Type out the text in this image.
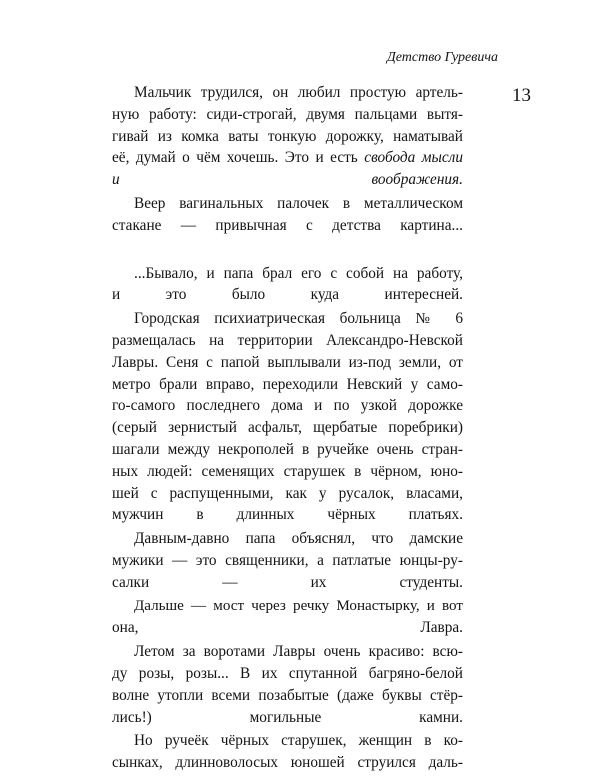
Детство Гуревича
13

Мальчик трудился, он любил простую артель-
ную работу: сиди-строгай, двумя пальцами вытя-
гивай из комка ваты тонкую дорожку, наматывай
её, думай о чём хочешь. Это и есть свобода мысли
и воображения.

Веер вагинальных палочек в металлическом
стакане — привычная с детства картина...

...Бывало, и папа брал его с собой на работу,
и это было куда интересней.

Городская психиатрическая больница № 6
размещалась на территории Александро-Невской
Лавры. Сеня с папой выплывали из-под земли, от
метро брали вправо, переходили Невский у само-
го-самого последнего дома и по узкой дорожке
(серый зернистый асфальт, щербатые поребрики)
шагали между некрополей в ручейке очень стран-
ных людей: семенящих старушек в чёрном, юно-
шей с распущенными, как у русалок, власами,
мужчин в длинных чёрных платьях.

Давным-давно папа объяснял, что дамские
мужики — это священники, а патлатые юнцы-ру-
салки — их студенты.

Дальше — мост через речку Монастырку, и вот
она, Лавра.

Летом за воротами Лавры очень красиво: всю-
ду розы, розы... В их спутанной багряно-белой
волне утопли всеми позабытые (даже буквы стёр-
лись!) могильные камни.

Но ручеёк чёрных старушек, женщин в ко-
сынках, длинноволосых юношей струился даль-
